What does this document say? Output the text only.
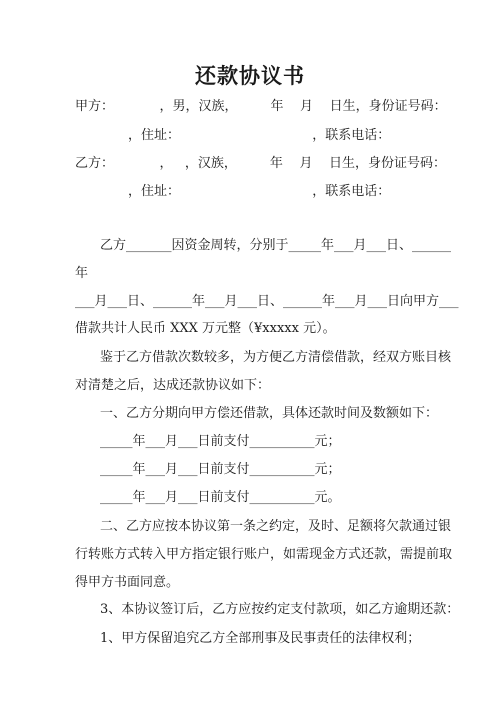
还款协议书
甲方：           ，男，汉族，        年    月    日生，身份证号码：
，住址：                                ，联系电话：
乙方：           ，   ，汉族，        年    月    日生，身份证号码：
，住址：                                ，联系电话：
乙方_______因资金周转，分别于_____年___月___日、______
年
___月___日、______年___月___日、______年___月___日向甲方___
借款共计人民币 XXX 万元整（¥xxxxx 元）。
鉴于乙方借款次数较多，为方便乙方清偿借款，经双方账目核
对清楚之后，达成还款协议如下：
一、乙方分期向甲方偿还借款，具体还款时间及数额如下：
_____年___月___日前支付__________元；
_____年___月___日前支付__________元；
_____年___月___日前支付__________元。
二、乙方应按本协议第一条之约定，及时、足额将欠款通过银
行转账方式转入甲方指定银行账户，如需现金方式还款，需提前取
得甲方书面同意。
3、本协议签订后，乙方应按约定支付款项，如乙方逾期还款：
1、甲方保留追究乙方全部刑事及民事责任的法律权利；
